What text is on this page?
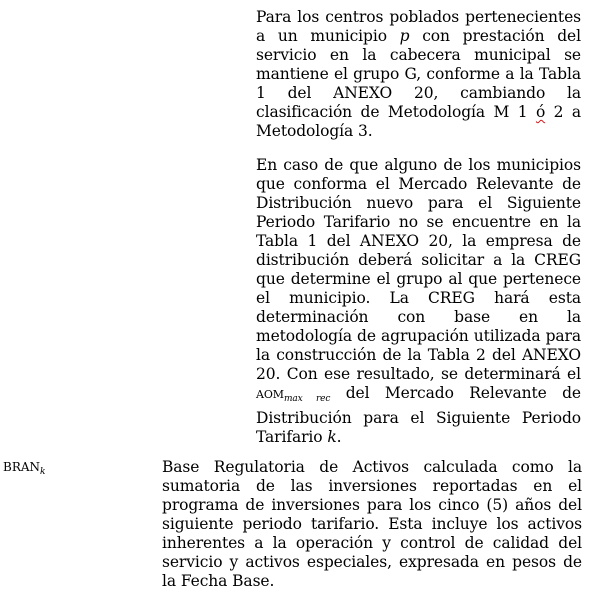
Para los centros poblados pertenecientes a un municipio p con prestación del servicio en la cabecera municipal se mantiene el grupo G, conforme a la Tabla 1 del ANEXO 20, cambiando la clasificación de Metodología M 1 ó 2 a Metodología 3.

En caso de que alguno de los municipios que conforma el Mercado Relevante de Distribución nuevo para el Siguiente Periodo Tarifario no se encuentre en la Tabla 1 del ANEXO 20, la empresa de distribución deberá solicitar a la CREG que determine el grupo al que pertenece el municipio. La CREG hará esta determinación con base en la metodología de agrupación utilizada para la construcción de la Tabla 2 del ANEXO 20. Con ese resultado, se determinará el $AOM_{max rec}$ del Mercado Relevante de Distribución para el Siguiente Periodo Tarifario k.

$BRAN_k$	Base Regulatoria de Activos calculada como la sumatoria de las inversiones reportadas en el programa de inversiones para los cinco (5) años del siguiente periodo tarifario. Esta incluye los activos inherentes a la operación y control de calidad del servicio y activos especiales, expresada en pesos de la Fecha Base.
